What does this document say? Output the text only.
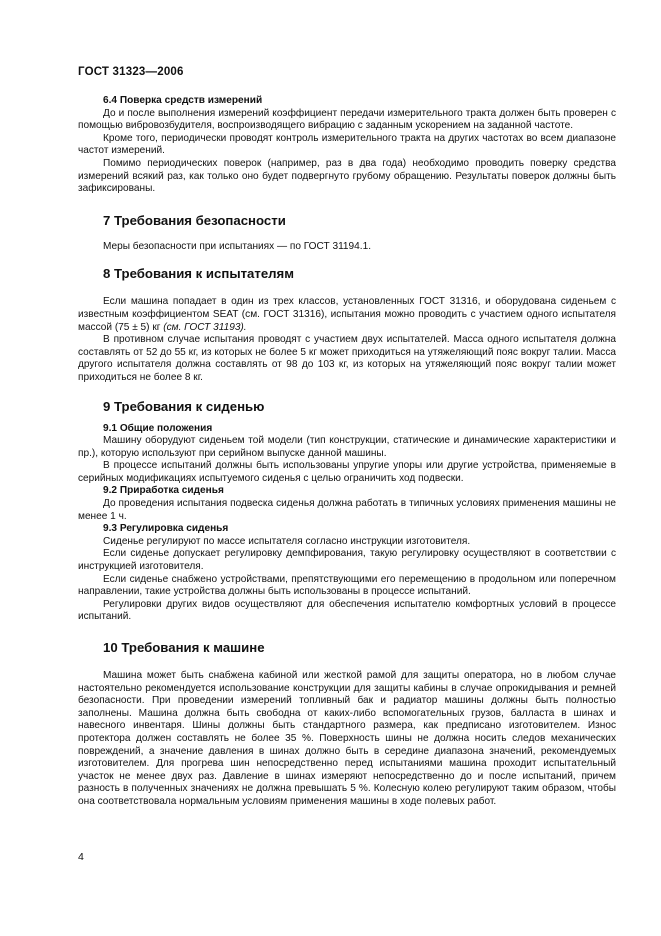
ГОСТ 31323—2006
6.4 Поверка средств измерений

До и после выполнения измерений коэффициент передачи измерительного тракта должен быть проверен с помощью вибровозбудителя, воспроизводящего вибрацию с заданным ускорением на заданной частоте.

Кроме того, периодически проводят контроль измерительного тракта на других частотах во всем диапазоне частот измерений.

Помимо периодических поверок (например, раз в два года) необходимо проводить поверку средства измерений всякий раз, как только оно будет подвергнуто грубому обращению. Результаты поверок должны быть зафиксированы.

7 Требования безопасности

Меры безопасности при испытаниях — по ГОСТ 31194.1.

8 Требования к испытателям

Если машина попадает в один из трех классов, установленных ГОСТ 31316, и оборудована сиденьем с известным коэффициентом SEAT (см. ГОСТ 31316), испытания можно проводить с участием одного испытателя массой (75 ± 5) кг (см. ГОСТ 31193).

В противном случае испытания проводят с участием двух испытателей. Масса одного испытателя должна составлять от 52 до 55 кг, из которых не более 5 кг может приходиться на утяжеляющий пояс вокруг талии. Масса другого испытателя должна составлять от 98 до 103 кг, из которых на утяжеляющий пояс вокруг талии может приходиться не более 8 кг.

9 Требования к сиденью
9.1 Общие положения

Машину оборудуют сиденьем той модели (тип конструкции, статические и динамические характеристики и пр.), которую используют при серийном выпуске данной машины.

В процессе испытаний должны быть использованы упругие упоры или другие устройства, применяемые в серийных модификациях испытуемого сиденья с целью ограничить ход подвески.

9.2 Приработка сиденья

До проведения испытания подвеска сиденья должна работать в типичных условиях применения машины не менее 1 ч.

9.3 Регулировка сиденья

Сиденье регулируют по массе испытателя согласно инструкции изготовителя.

Если сиденье допускает регулировку демпфирования, такую регулировку осуществляют в соответствии с инструкцией изготовителя.

Если сиденье снабжено устройствами, препятствующими его перемещению в продольном или поперечном направлении, такие устройства должны быть использованы в процессе испытаний.

Регулировки других видов осуществляют для обеспечения испытателю комфортных условий в процессе испытаний.

10 Требования к машине

Машина может быть снабжена кабиной или жесткой рамой для защиты оператора, но в любом случае настоятельно рекомендуется использование конструкции для защиты кабины в случае опрокидывания и ремней безопасности. При проведении измерений топливный бак и радиатор машины должны быть полностью заполнены. Машина должна быть свободна от каких-либо вспомогательных грузов, балласта в шинах и навесного инвентаря. Шины должны быть стандартного размера, как предписано изготовителем. Износ протектора должен составлять не более 35 %. Поверхность шины не должна носить следов механических повреждений, а значение давления в шинах должно быть в середине диапазона значений, рекомендуемых изготовителем. Для прогрева шин непосредственно перед испытаниями машина проходит испытательный участок не менее двух раз. Давление в шинах измеряют непосредственно до и после испытаний, причем разность в полученных значениях не должна превышать 5 %. Колесную колею регулируют таким образом, чтобы она соответствовала нормальным условиям применения машины в ходе полевых работ.

4
